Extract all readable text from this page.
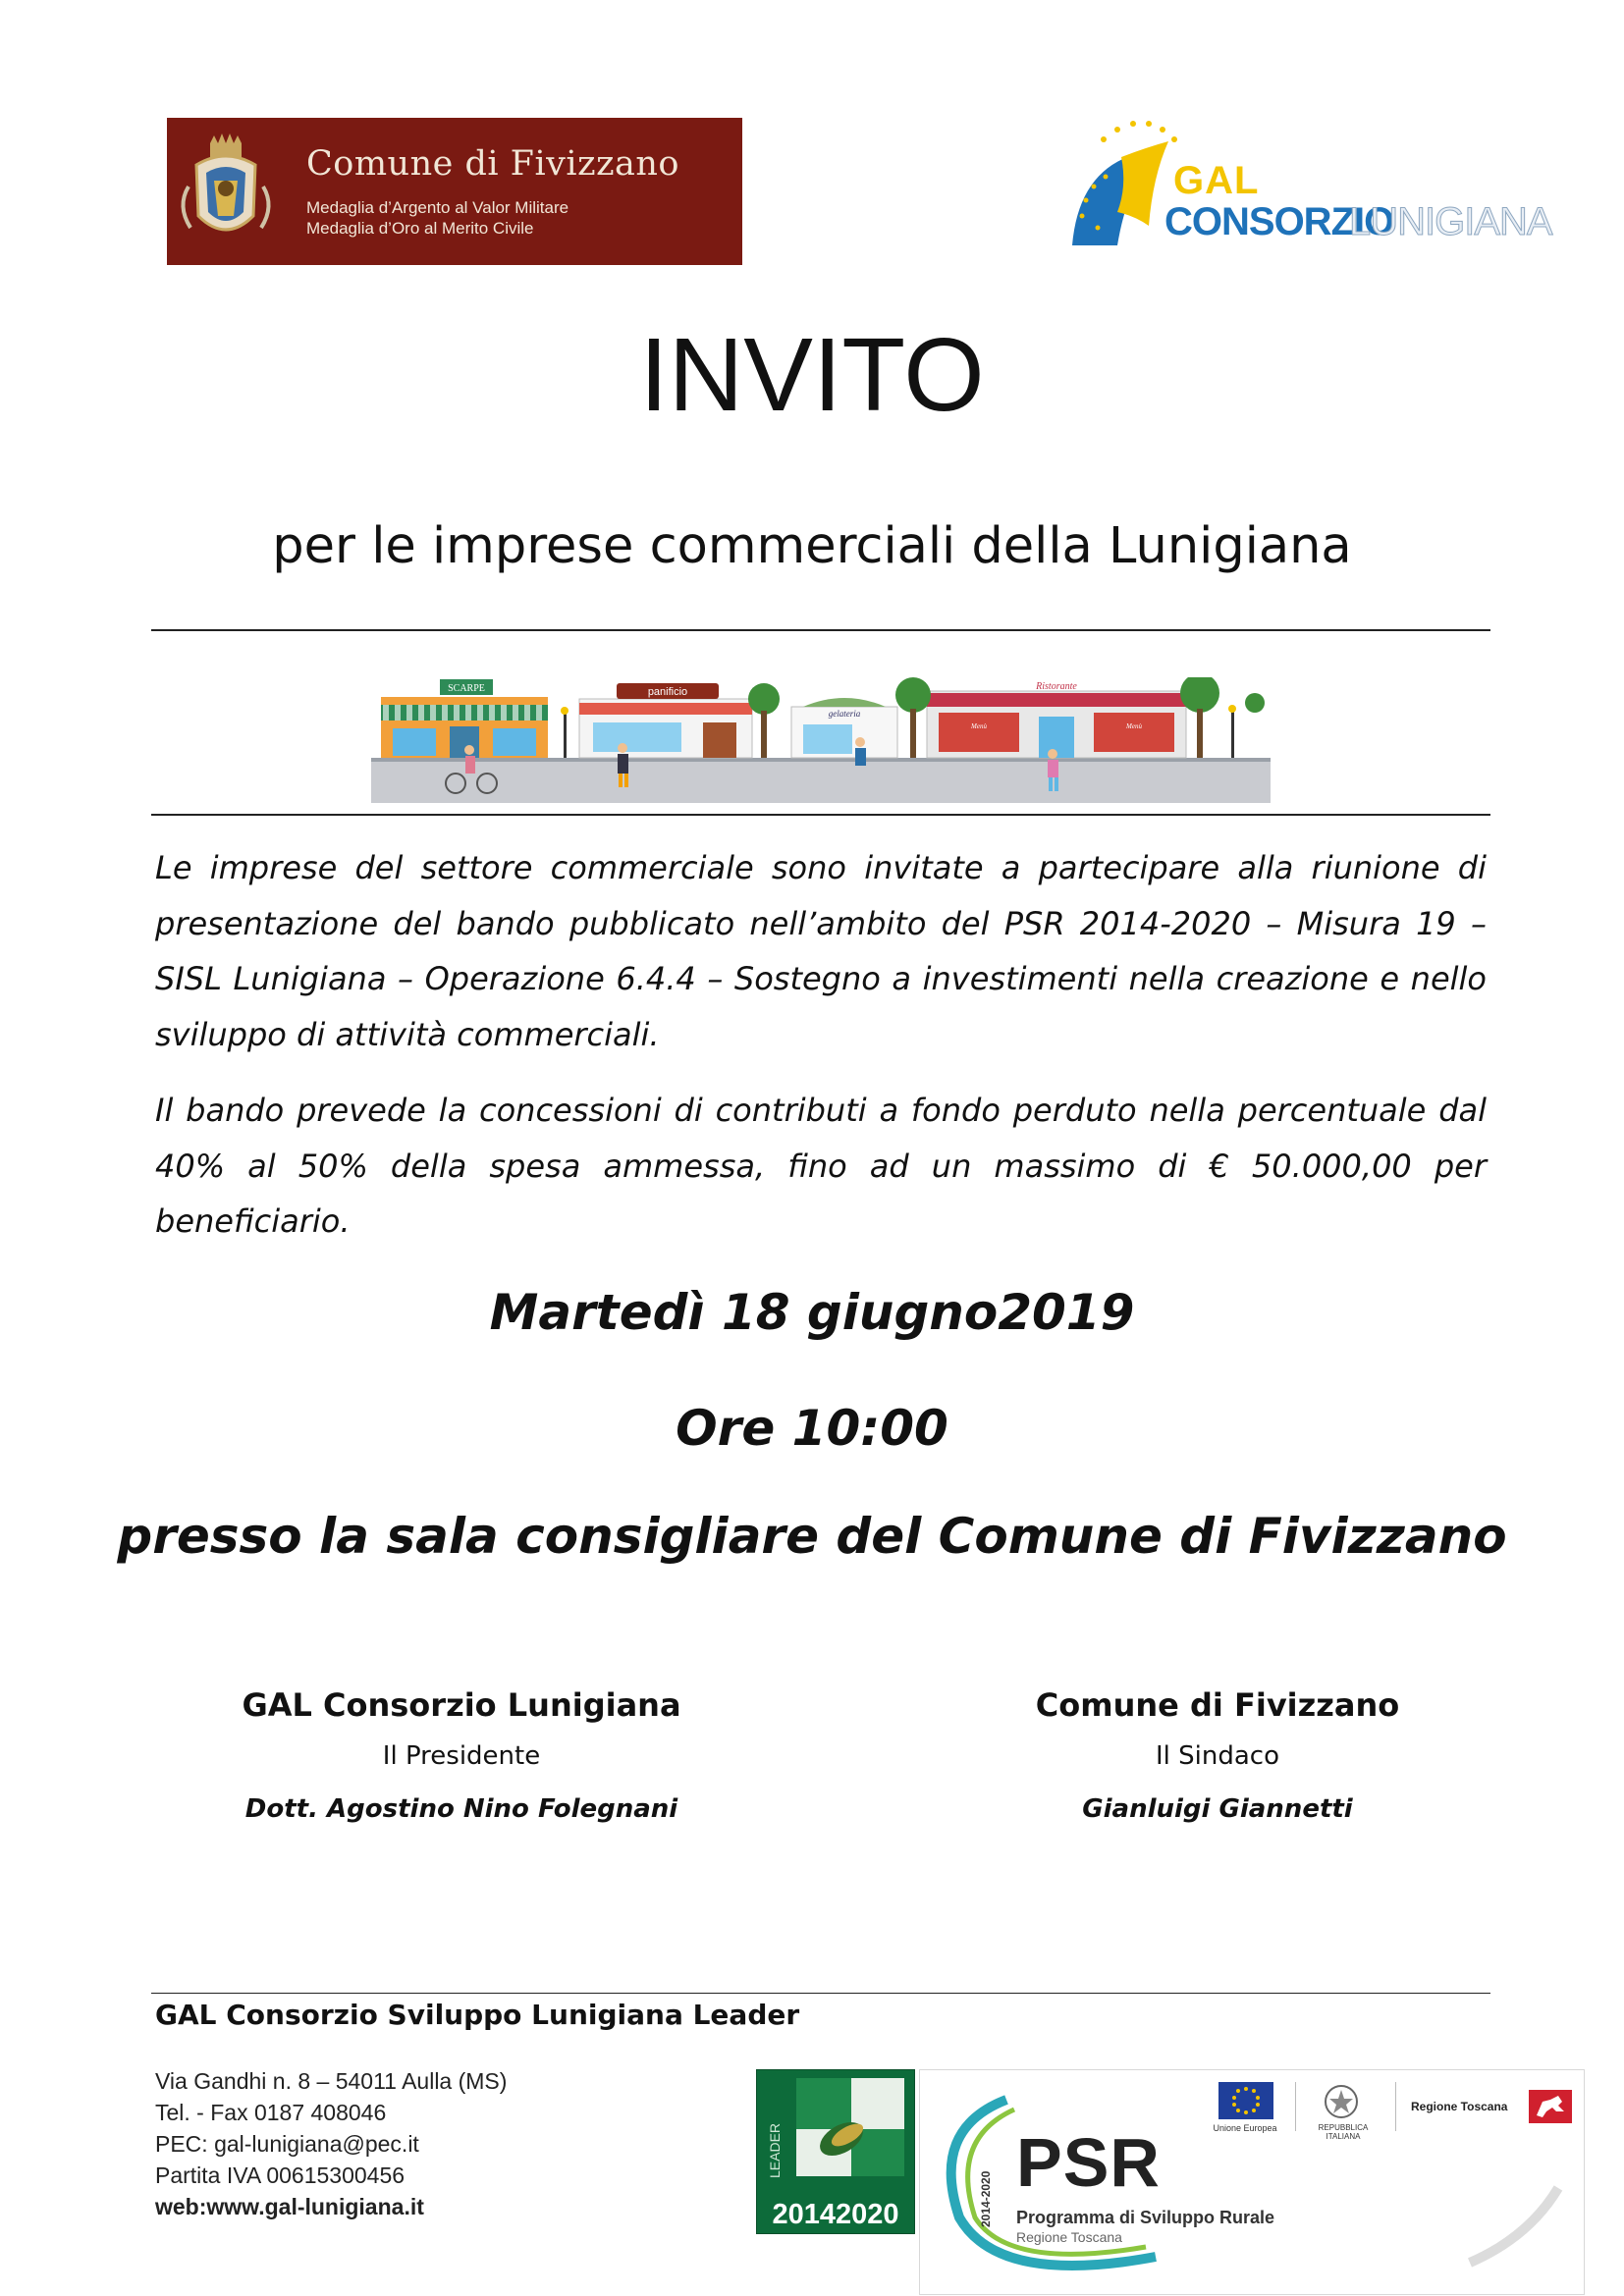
Comune di Fivizzano
Medaglia d’Argento al Valor Militare
Medaglia d’Oro al Merito Civile
GAL
CONSORZIO
LUNIGIANA
INVITO
per le imprese commerciali della Lunigiana
SCARPE	panificio
gelateria
Ristorante
Menù	Menù
Le imprese del settore commerciale sono invitate a partecipare alla riunione di presentazione del bando pubblicato nell’ambito del PSR 2014-2020 – Misura 19 – SISL Lunigiana – Operazione 6.4.4 – Sostegno a investimenti nella creazione e nello sviluppo di attività commerciali.
Il bando prevede la concessioni di contributi a fondo perduto nella percentuale dal 40% al 50% della spesa ammessa, fino ad un massimo di € 50.000,00 per beneficiario.
Martedì 18 giugno2019
Ore 10:00
presso la sala consigliare del Comune di Fivizzano
GAL Consorzio Lunigiana
Il Presidente
Dott. Agostino Nino Folegnani
Comune di Fivizzano
Il Sindaco
Gianluigi Giannetti
GAL Consorzio Sviluppo Lunigiana Leader
Via Gandhi n. 8 – 54011 Aulla (MS)
Tel. - Fax 0187 408046
PEC: gal-lunigiana@pec.it
Partita IVA 00615300456
web:www.gal-lunigiana.it
LEADER
20142020
PSR
2014-2020 Programma di Sviluppo Rurale
Regione Toscana
Unione Europea	REPUBBLICA ITALIANA
Regione Toscana
